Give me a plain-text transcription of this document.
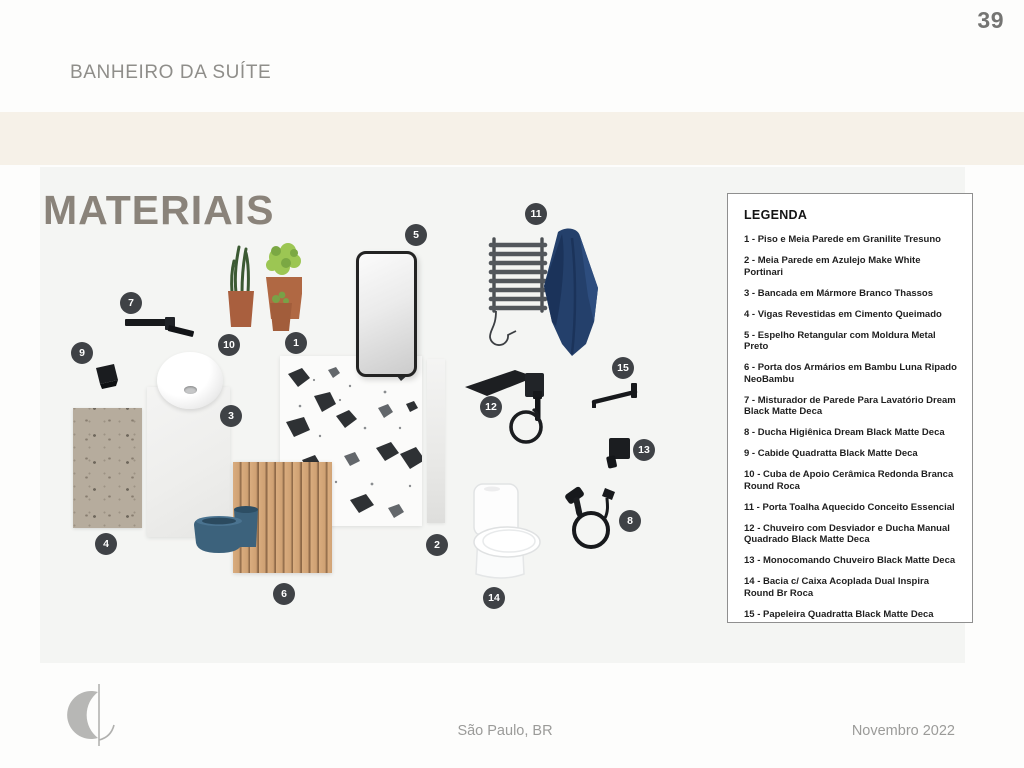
39
BANHEIRO DA SUÍTE
MATERIAIS
1
2
3
4
5
6
7
8
9
10
11
12
13
14
15
LEGENDA
1 - Piso e Meia Parede em Granilite Tresuno
2 - Meia Parede em Azulejo Make White Portinari
3 - Bancada em Mármore Branco Thassos
4 - Vigas Revestidas em Cimento Queimado
5 - Espelho Retangular com Moldura Metal Preto
6 - Porta dos Armários em Bambu Luna Ripado NeoBambu
7 - Misturador de Parede Para Lavatório Dream Black Matte Deca
8 - Ducha Higiênica Dream Black Matte Deca
9 - Cabide Quadratta Black Matte Deca
10 - Cuba de Apoio Cerâmica Redonda Branca Round Roca
11 - Porta Toalha Aquecido Conceito Essencial
12 - Chuveiro com Desviador e Ducha Manual Quadrado Black Matte Deca
13 - Monocomando Chuveiro Black Matte Deca
14 - Bacia c/ Caixa Acoplada Dual Inspira Round Br Roca
15 - Papeleira Quadratta Black Matte Deca
São Paulo, BR	Novembro 2022
